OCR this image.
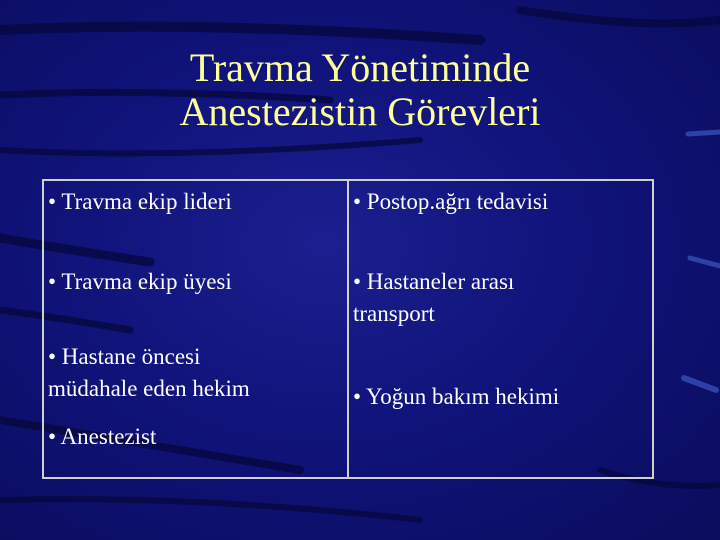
Travma Yönetiminde
Anestezistin Görevleri
• Travma ekip lideri
• Travma ekip üyesi
• Hastane öncesi
müdahale eden hekim
• Anestezist
• Postop.ağrı tedavisi
• Hastaneler arası
transport
• Yoğun bakım hekimi
